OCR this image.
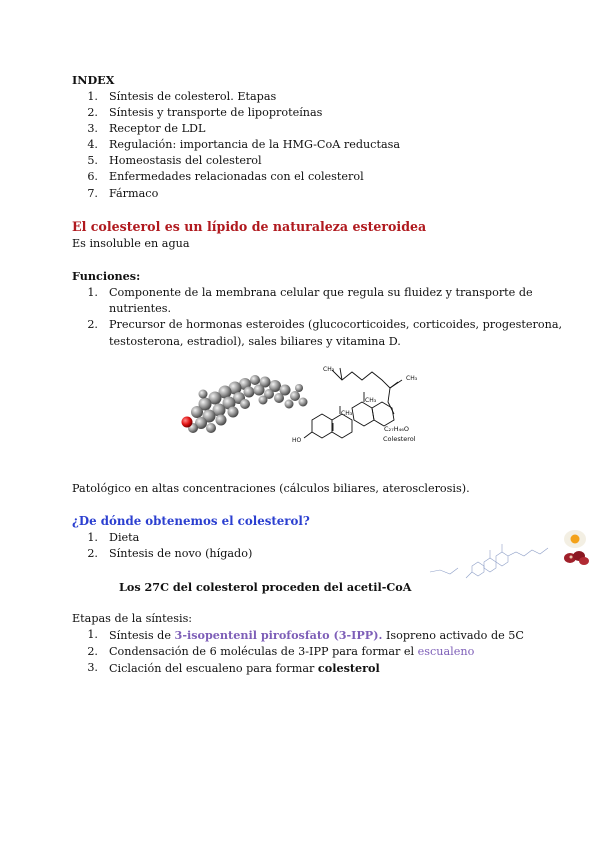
INDEX
1. Síntesis de colesterol. Etapas
2. Síntesis y transporte de lipoproteínas
3. Receptor de LDL
4. Regulación: importancia de la HMG-CoA reductasa
5. Homeostasis del colesterol
6. Enfermedades relacionadas con el colesterol
7. Fármaco
El colesterol es un lípido de naturaleza esteroidea
Es insoluble en agua
Funciones:
1. Componente de la membrana celular que regula su fluidez y transporte de
nutrientes.
2. Precursor de hormonas esteroides (glucocorticoides, corticoides, progesterona,
testosterona, estradiol), sales biliares y vitamina D.
CH₃
CH₃
CH₃
CH₃
C₂₇H₄₆O
Colesterol
HO
Patológico en altas concentraciones (cálculos biliares, aterosclerosis).
¿De dónde obtenemos el colesterol?
1. Dieta
2. Síntesis de novo (hígado)
Los 27C del colesterol proceden del acetil-CoA
Etapas de la síntesis:
1. Síntesis de 3-isopentenil pirofosfato (3-IPP). Isopreno activado de 5C
2. Condensación de 6 moléculas de 3-IPP para formar el escualeno
3. Ciclación del escualeno para formar colesterol
